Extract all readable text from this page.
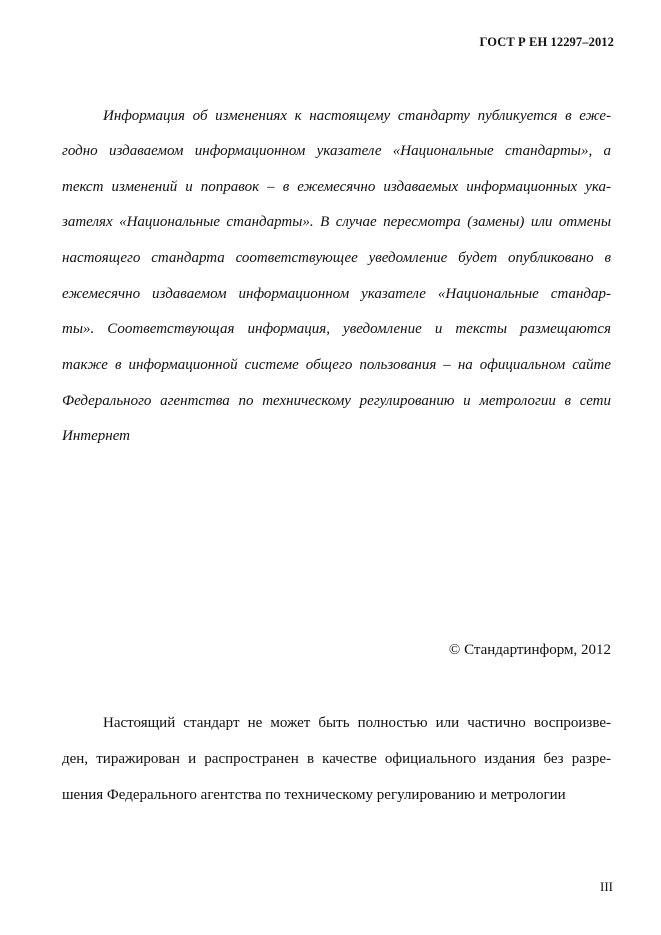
ГОСТ Р ЕН 12297–2012
Информация об изменениях к настоящему стандарту публикуется в еже-
годно издаваемом информационном указателе «Национальные стандарты», а
текст изменений и поправок – в ежемесячно издаваемых информационных ука-
зателях «Национальные стандарты». В случае пересмотра (замены) или отмены
настоящего стандарта соответствующее уведомление будет опубликовано в
ежемесячно издаваемом информационном указателе «Национальные стандар-
ты». Соответствующая информация, уведомление и тексты размещаются
также в информационной системе общего пользования – на официальном сайте
Федерального агентства по техническому регулированию и метрологии в сети
Интернет
© Стандартинформ, 2012
Настоящий стандарт не может быть полностью или частично воспроизве-
ден, тиражирован и распространен в качестве официального издания без разре-
шения Федерального агентства по техническому регулированию и метрологии
III
